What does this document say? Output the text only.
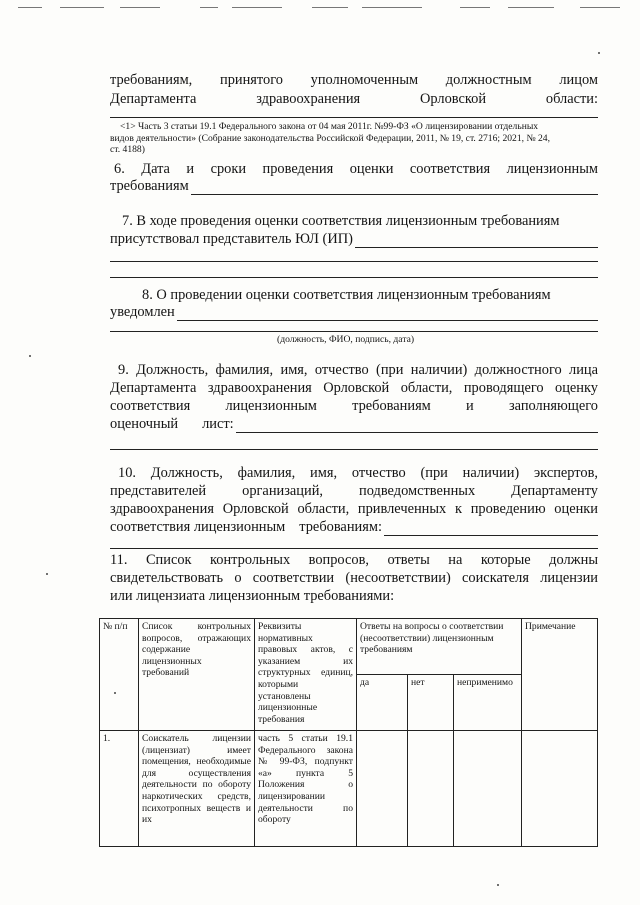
требованиям, принятого уполномоченным должностным лицом
Департамента здравоохранения Орловской области:
<1> Часть 3 статьи 19.1 Федерального закона от 04 мая 2011г. №99-ФЗ «О лицензировании отдельных
видов деятельности» (Собрание законодательства Российской Федерации, 2011, № 19, ст. 2716; 2021, № 24,
ст. 4188)
6. Дата и сроки проведения оценки соответствия лицензионным
требованиям
7. В ходе проведения оценки соответствия лицензионным требованиям
присутствовал представитель ЮЛ (ИП)
8. О проведении оценки соответствия лицензионным требованиям
уведомлен
(должность, ФИО, подпись, дата)
9. Должность, фамилия, имя, отчество (при наличии) должностного лица
Департамента здравоохранения Орловской области, проводящего оценку
соответствия лицензионным требованиям и заполняющего
оценочный лист:
10. Должность, фамилия, имя, отчество (при наличии) экспертов,
представителей организаций, подведомственных Департаменту
здравоохранения Орловской области, привлеченных к проведению оценки
соответствия лицензионным требованиям:
11. Список контрольных вопросов, ответы на которые должны
свидетельствовать о соответствии (несоответствии) соискателя лицензии
или лицензиата лицензионным требованиями:
№ п/п	Список контрольных вопросов, отражающих содержание лицензионных требований	Реквизиты нормативных правовых актов, с указанием их структурных единиц, которыми установлены лицензионные требования	Ответы на вопросы о соответствии (несоответствии) лицензионным требованиям			Примечание
			да	нет	неприменимо	
1.	Соискатель лицензии (лицензиат) имеет помещения, необходимые для осуществления деятельности по обороту наркотических средств, психотропных веществ и их	часть 5 статьи 19.1 Федерального закона № 99-ФЗ, подпункт «а» пункта 5 Положения о лицензировании деятельности по обороту				
